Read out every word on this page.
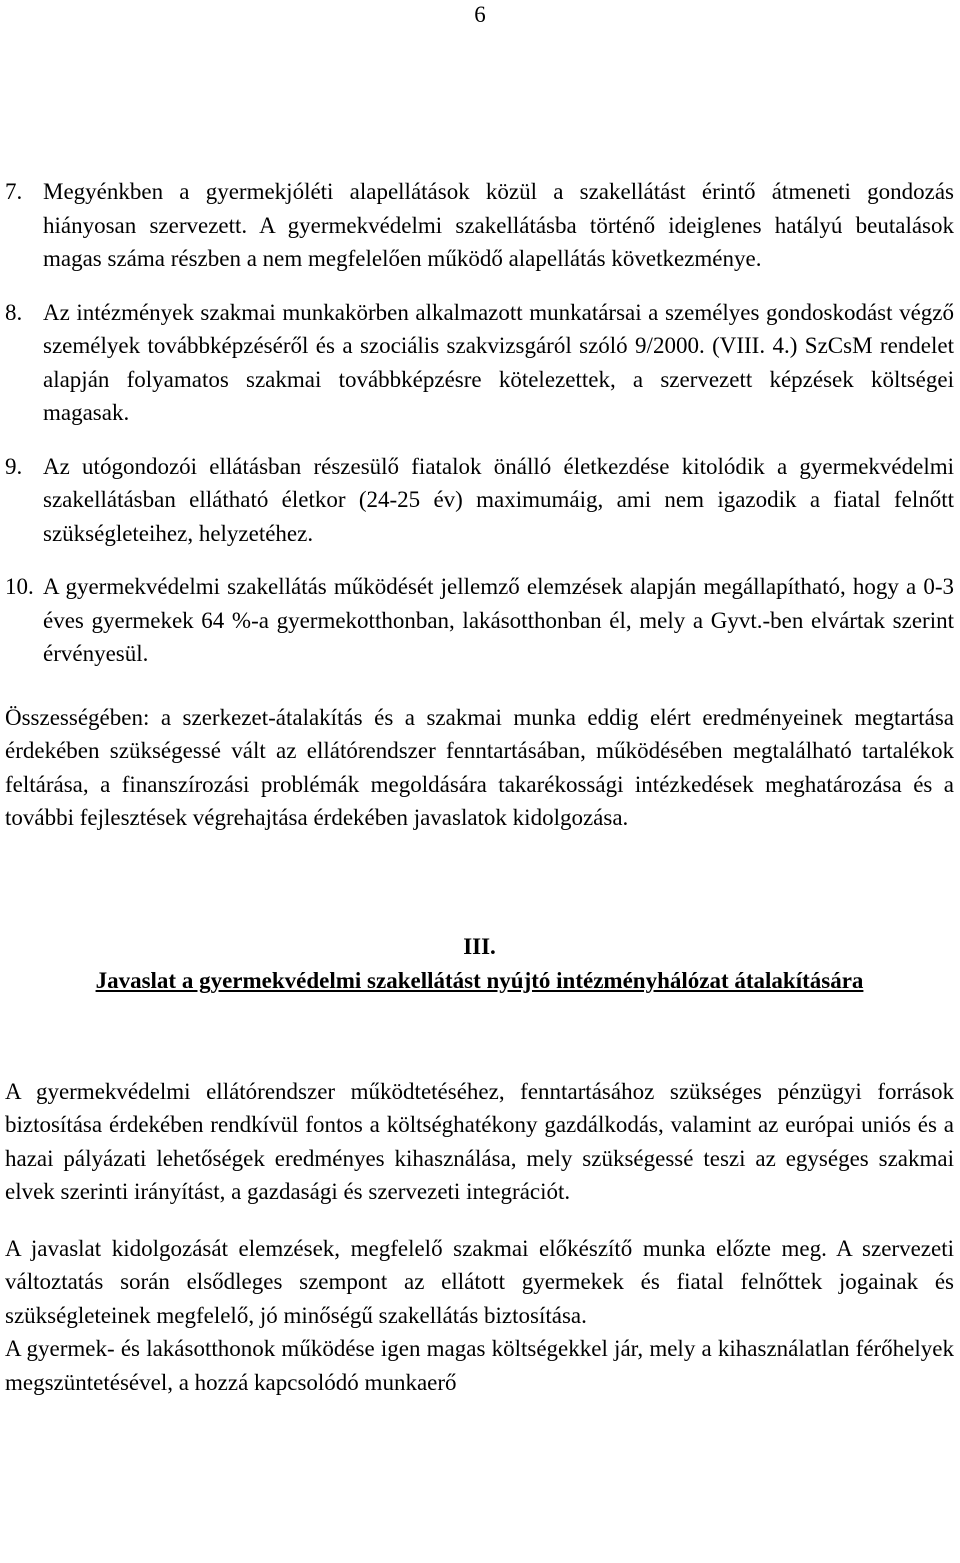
6

7. Megyénkben a gyermekjóléti alapellátások közül a szakellátást érintő átmeneti gondozás hiányosan szervezett. A gyermekvédelmi szakellátásba történő ideiglenes hatályú beutalások magas száma részben a nem megfelelően működő alapellátás következménye.

8. Az intézmények szakmai munkakörben alkalmazott munkatársai a személyes gondoskodást végző személyek továbbképzéséről és a szociális szakvizsgáról szóló 9/2000. (VIII. 4.) SzCsM rendelet alapján folyamatos szakmai továbbképzésre kötelezettek, a szervezett képzések költségei magasak.

9. Az utógondozói ellátásban részesülő fiatalok önálló életkezdése kitolódik a gyermekvédelmi szakellátásban ellátható életkor (24-25 év) maximumáig, ami nem igazodik a fiatal felnőtt szükségleteihez, helyzetéhez.

10. A gyermekvédelmi szakellátás működését jellemző elemzések alapján megállapítható, hogy a 0-3 éves gyermekek 64 %-a gyermekotthonban, lakásotthonban él, mely a Gyvt.-ben elvártak szerint érvényesül.

Összességében: a szerkezet-átalakítás és a szakmai munka eddig elért eredményeinek megtartása érdekében szükségessé vált az ellátórendszer fenntartásában, működésében megtalálható tartalékok feltárása, a finanszírozási problémák megoldására takarékossági intézkedések meghatározása és a további fejlesztések végrehajtása érdekében javaslatok kidolgozása.

III.
Javaslat a gyermekvédelmi szakellátást nyújtó intézményhálózat átalakítására

A gyermekvédelmi ellátórendszer működtetéséhez, fenntartásához szükséges pénzügyi források biztosítása érdekében rendkívül fontos a költséghatékony gazdálkodás, valamint az európai uniós és a hazai pályázati lehetőségek eredményes kihasználása, mely szükségessé teszi az egységes szakmai elvek szerinti irányítást, a gazdasági és szervezeti integrációt.

A javaslat kidolgozását elemzések, megfelelő szakmai előkészítő munka előzte meg. A szervezeti változtatás során elsődleges szempont az ellátott gyermekek és fiatal felnőttek jogainak és szükségleteinek megfelelő, jó minőségű szakellátás biztosítása.

A gyermek- és lakásotthonok működése igen magas költségekkel jár, mely a kihasználatlan férőhelyek megszüntetésével, a hozzá kapcsolódó munkaerő
